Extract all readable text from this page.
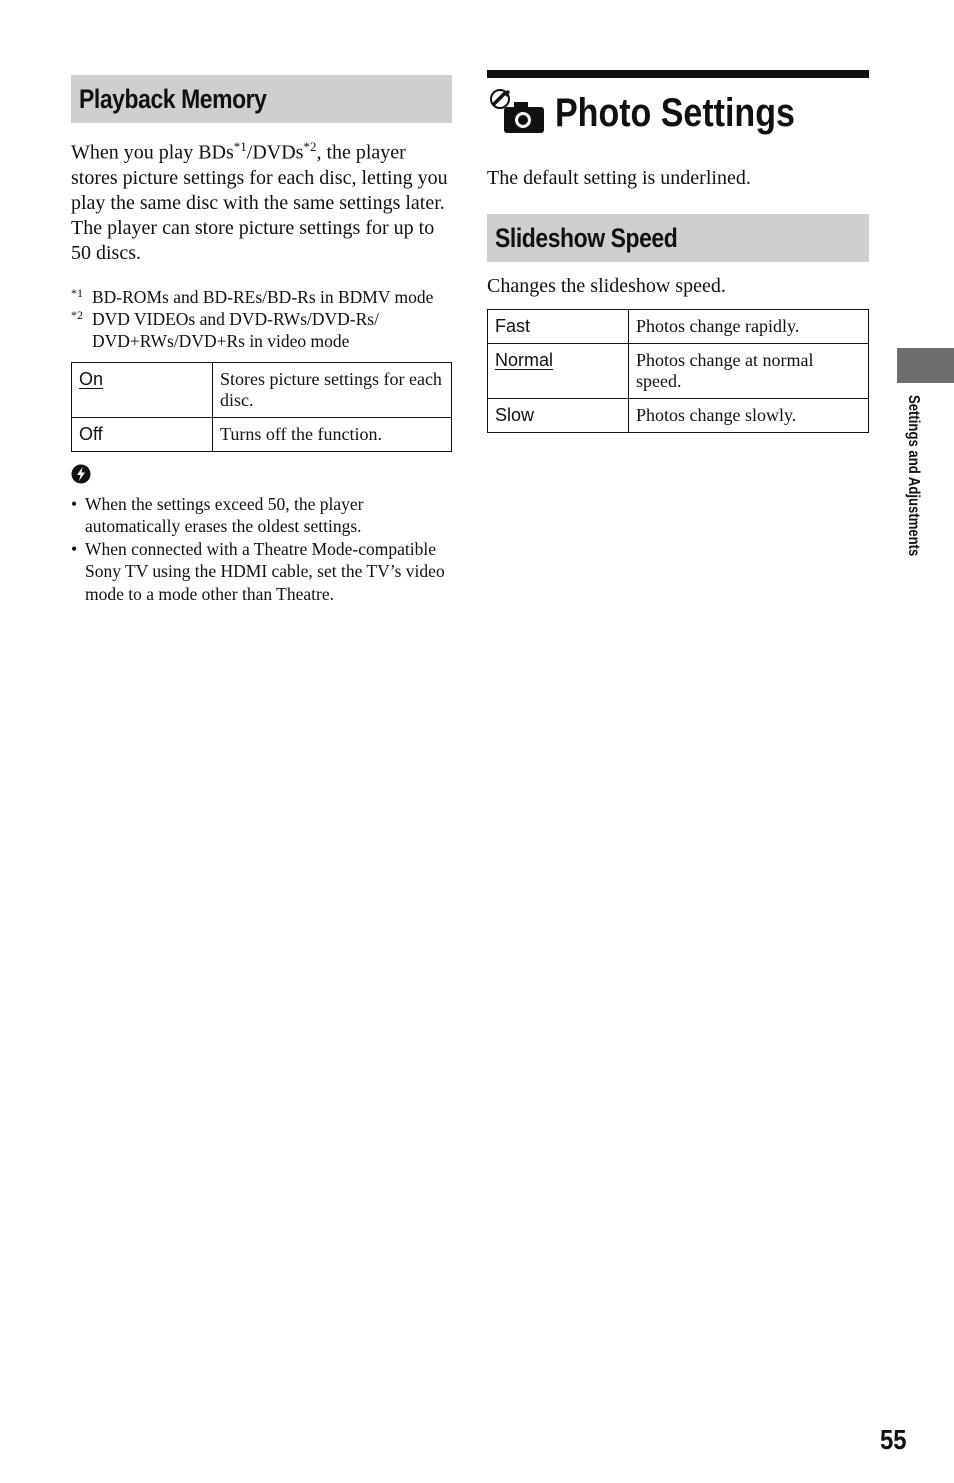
Playback Memory

When you play BDs$^{*1}$/DVDs$^{*2}$, the player stores picture settings for each disc, letting you play the same disc with the same settings later. The player can store picture settings for up to 50 discs.

*1 BD-ROMs and BD-REs/BD-Rs in BDMV mode
*2 DVD VIDEOs and DVD-RWs/DVD-Rs/ DVD+RWs/DVD+Rs in video mode
On	Stores picture settings for each disc.
Off	Turns off the function.
• When the settings exceed 50, the player automatically erases the oldest settings.
• When connected with a Theatre Mode-compatible Sony TV using the HDMI cable, set the TV’s video mode to a mode other than Theatre.
Photo Settings

The default setting is underlined.

Slideshow Speed

Changes the slideshow speed.

Fast	Photos change rapidly.
Normal	Photos change at normal speed.
Slow	Photos change slowly.	Settings and Adjustments
55
